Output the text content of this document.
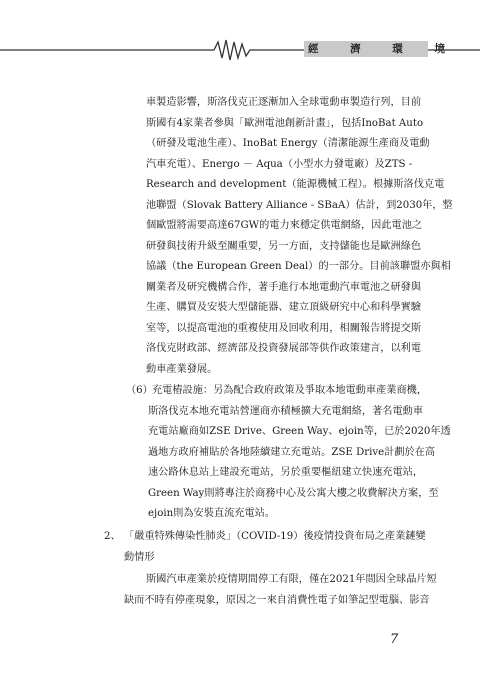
經 濟 環 境
車製造影響，斯洛伐克正逐漸加入全球電動車製造行列，目前
斯國有4家業者參與「歐洲電池創新計畫」，包括InoBat Auto
（研發及電池生產）、InoBat Energy（清潔能源生產商及電動
汽車充電）、Energo － Aqua（小型水力發電廠）及ZTS -
Research and development（能源機械工程）。根據斯洛伐克電
池聯盟（Slovak Battery Alliance - SBaA）估計，到2030年，整
個歐盟將需要高達67GW的電力來穩定供電網絡，因此電池之
研發與技術升級至關重要，另一方面，支持儲能也是歐洲綠色
協議（the European Green Deal）的一部分。目前該聯盟亦與相
關業者及研究機構合作，著手進行本地電動汽車電池之研發與
生產、購買及安裝大型儲能器、建立頂級研究中心和科學實驗
室等，以提高電池的重複使用及回收利用，相關報告將提交斯
洛伐克財政部、經濟部及投資發展部等供作政策建言，以利電
動車產業發展。
（6） 充電樁設施：另為配合政府政策及爭取本地電動車產業商機，
斯洛伐克本地充電站營運商亦積極擴大充電網絡，著名電動車
充電站廠商如ZSE Drive、Green Way、ejoin等，已於2020年透
過地方政府補貼於各地陸續建立充電站。ZSE Drive計劃於在高
速公路休息站上建設充電站，另於重要樞紐建立快速充電站，
Green Way則將專注於商務中心及公寓大樓之收費解決方案，至
ejoin則為安裝直流充電站。
2、 「嚴重特殊傳染性肺炎」（COVID-19）後疫情投資布局之產業鏈變
動情形
斯國汽車產業於疫情期間停工有限，僅在2021年間因全球晶片短
缺而不時有停產現象，原因之一來自消費性電子如筆記型電腦、影音
7
